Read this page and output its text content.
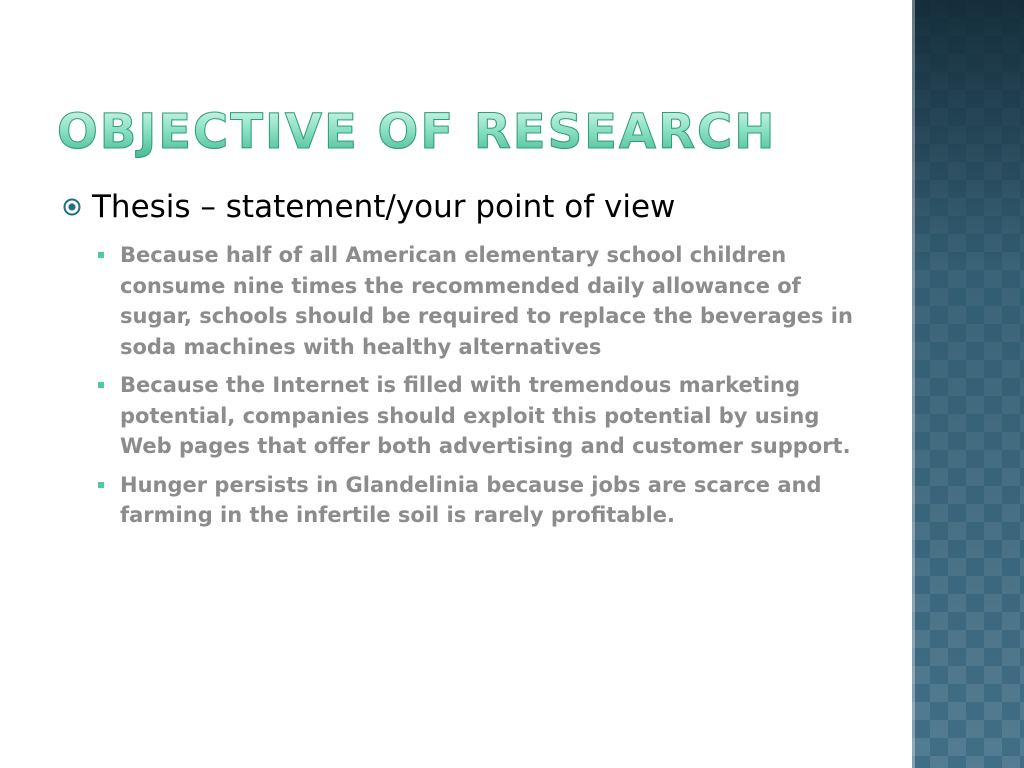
OBJECTIVE OF RESEARCH
Thesis – statement/your point of view
Because half of all American elementary school children consume nine times the recommended daily allowance of sugar, schools should be required to replace the beverages in soda machines with healthy alternatives
Because the Internet is filled with tremendous marketing potential, companies should exploit this potential by using Web pages that offer both advertising and customer support.
Hunger persists in Glandelinia because jobs are scarce and farming in the infertile soil is rarely profitable.
